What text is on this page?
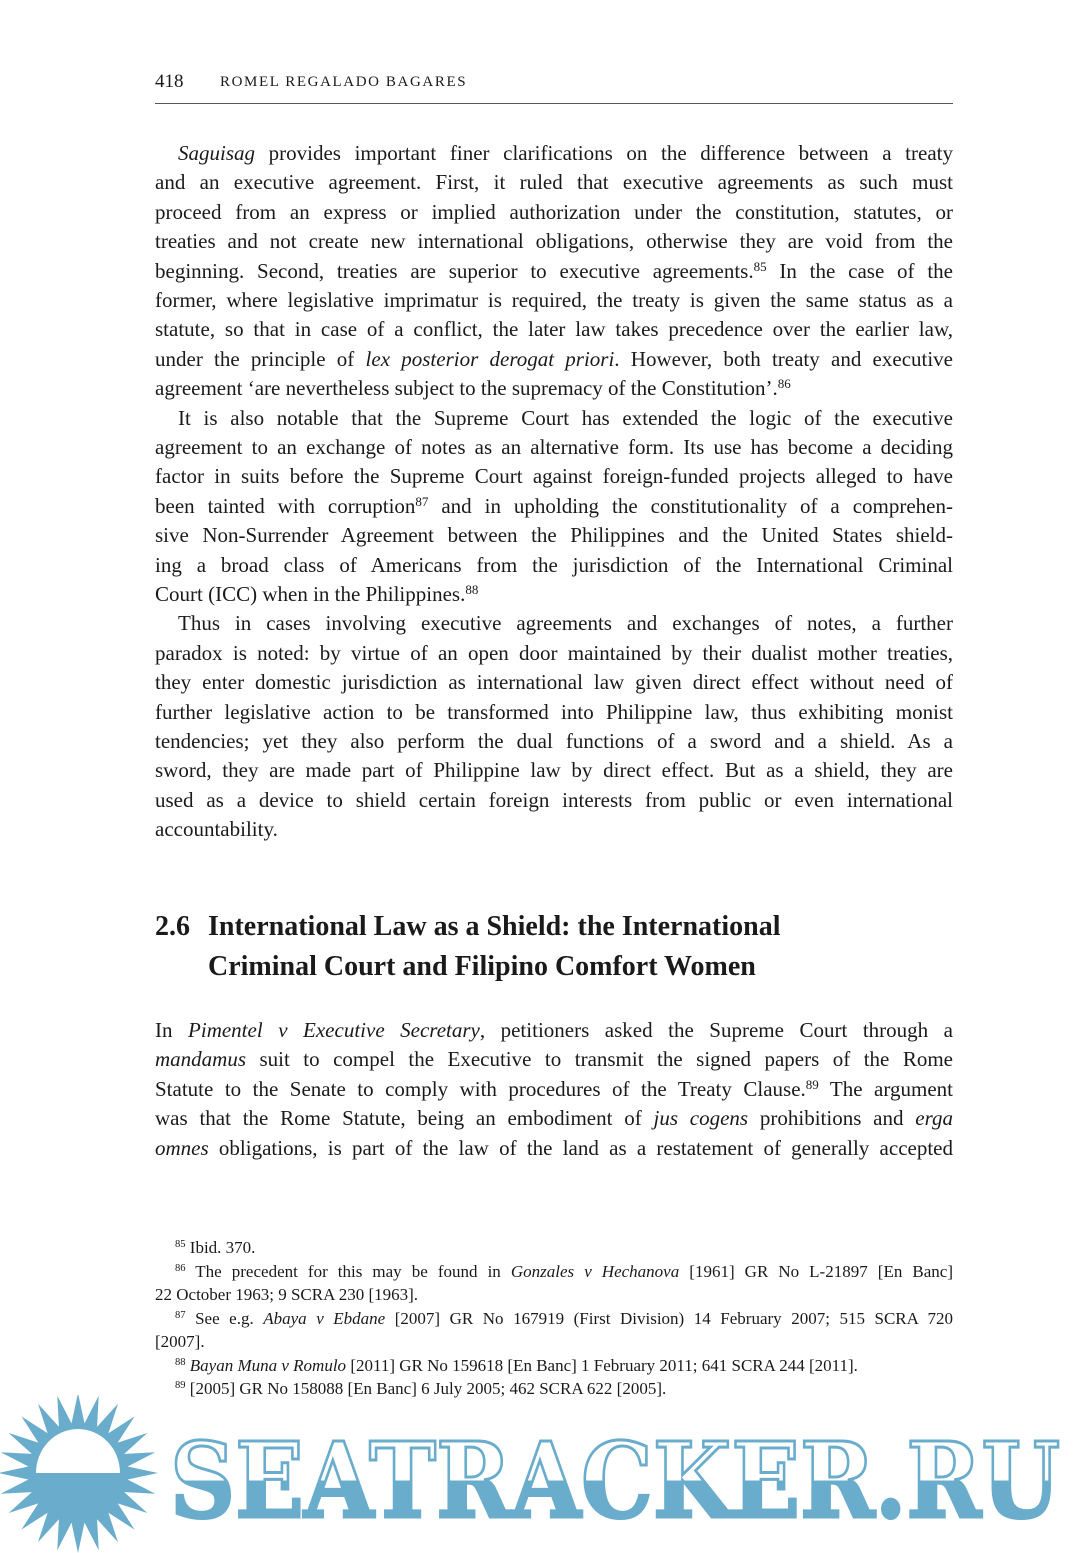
418 ROMEL REGALADO BAGARES
Saguisag provides important finer clarifications on the difference between a treaty
and an executive agreement. First, it ruled that executive agreements as such must
proceed from an express or implied authorization under the constitution, statutes, or
treaties and not create new international obligations, otherwise they are void from the
beginning. Second, treaties are superior to executive agreements.$^{85}$ In the case of the
former, where legislative imprimatur is required, the treaty is given the same status as a
statute, so that in case of a conflict, the later law takes precedence over the earlier law,
under the principle of lex posterior derogat priori. However, both treaty and executive
agreement ‘are nevertheless subject to the supremacy of the Constitution’.$^{86}$
It is also notable that the Supreme Court has extended the logic of the executive
agreement to an exchange of notes as an alternative form. Its use has become a deciding
factor in suits before the Supreme Court against foreign-funded projects alleged to have
been tainted with corruption$^{87}$ and in upholding the constitutionality of a comprehen-
sive Non-Surrender Agreement between the Philippines and the United States shield-
ing a broad class of Americans from the jurisdiction of the International Criminal
Court (ICC) when in the Philippines.$^{88}$
Thus in cases involving executive agreements and exchanges of notes, a further
paradox is noted: by virtue of an open door maintained by their dualist mother treaties,
they enter domestic jurisdiction as international law given direct effect without need of
further legislative action to be transformed into Philippine law, thus exhibiting monist
tendencies; yet they also perform the dual functions of a sword and a shield. As a
sword, they are made part of Philippine law by direct effect. But as a shield, they are
used as a device to shield certain foreign interests from public or even international
accountability.
2.6 International Law as a Shield: the International
Criminal Court and Filipino Comfort Women
In Pimentel v Executive Secretary, petitioners asked the Supreme Court through a
mandamus suit to compel the Executive to transmit the signed papers of the Rome
Statute to the Senate to comply with procedures of the Treaty Clause.$^{89}$ The argument
was that the Rome Statute, being an embodiment of jus cogens prohibitions and erga
omnes obligations, is part of the law of the land as a restatement of generally accepted
$^{85}$ Ibid. 370.
$^{86}$ The precedent for this may be found in Gonzales v Hechanova [1961] GR No L-21897 [En Banc]
22 October 1963; 9 SCRA 230 [1963].
$^{87}$ See e.g. Abaya v Ebdane [2007] GR No 167919 (First Division) 14 February 2007; 515 SCRA 720
[2007].
$^{88}$ Bayan Muna v Romulo [2011] GR No 159618 [En Banc] 1 February 2011; 641 SCRA 244 [2011].
$^{89}$ [2005] GR No 158088 [En Banc] 6 July 2005; 462 SCRA 622 [2005].
SEATRACKER.RU
